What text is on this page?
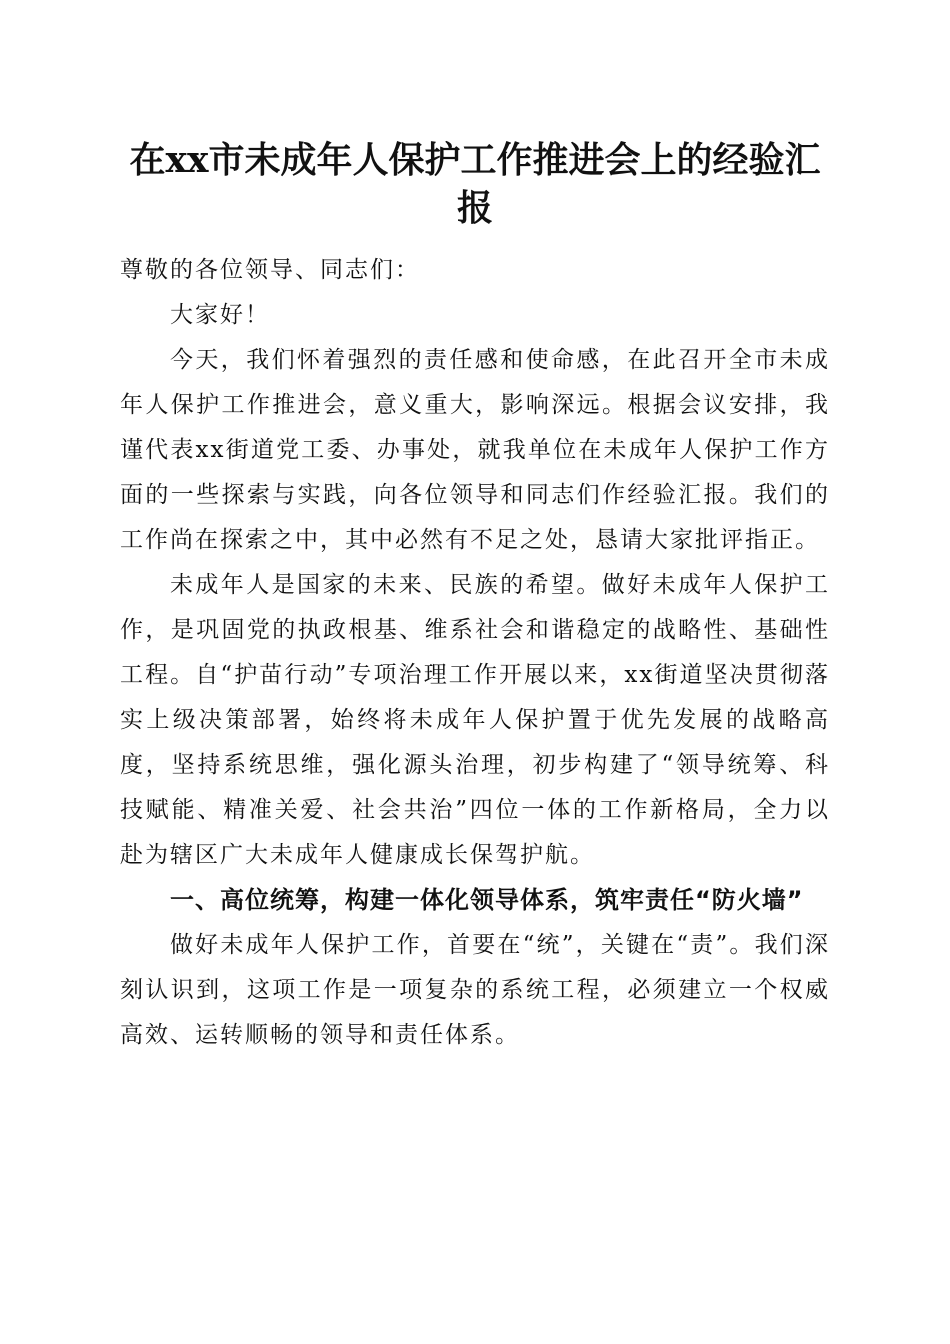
在xx市未成年人保护工作推进会上的经验汇报

尊敬的各位领导、同志们：

大家好！

今天，我们怀着强烈的责任感和使命感，在此召开全市未成年人保护工作推进会，意义重大，影响深远。根据会议安排，我谨代表xx街道党工委、办事处，就我单位在未成年人保护工作方面的一些探索与实践，向各位领导和同志们作经验汇报。我们的工作尚在探索之中，其中必然有不足之处，恳请大家批评指正。

未成年人是国家的未来、民族的希望。做好未成年人保护工作，是巩固党的执政根基、维系社会和谐稳定的战略性、基础性工程。自“护苗行动”专项治理工作开展以来，xx街道坚决贯彻落实上级决策部署，始终将未成年人保护置于优先发展的战略高度，坚持系统思维，强化源头治理，初步构建了“领导统筹、科技赋能、精准关爱、社会共治”四位一体的工作新格局，全力以赴为辖区广大未成年人健康成长保驾护航。

一、高位统筹，构建一体化领导体系，筑牢责任“防火墙”

做好未成年人保护工作，首要在“统”，关键在“责”。我们深刻认识到，这项工作是一项复杂的系统工程，必须建立一个权威高效、运转顺畅的领导和责任体系。
